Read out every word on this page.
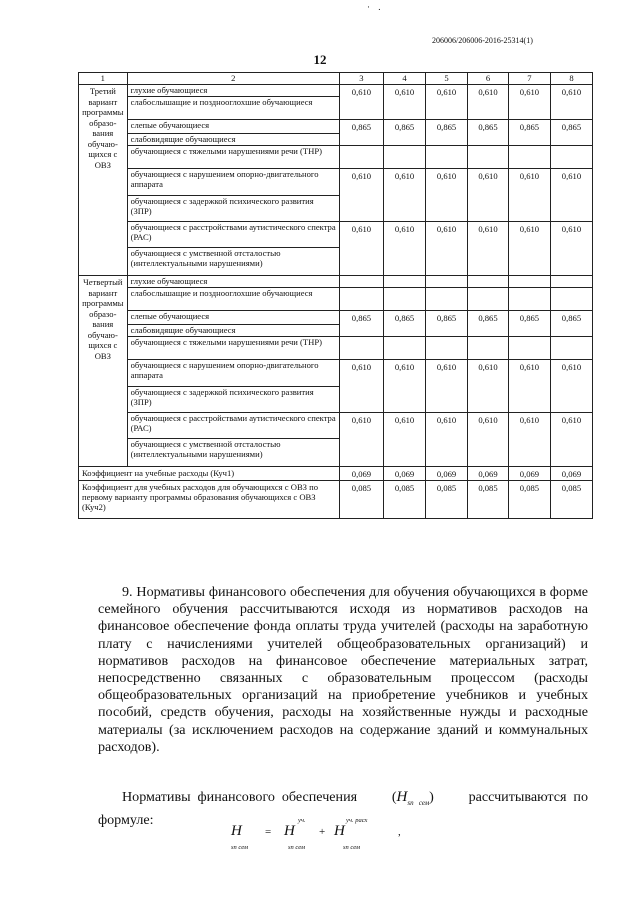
· .
206006/206006-2016-25314(1)
12
1	2	3	4	5	6	7	8
Третий вариант программы образо-вания обучаю-щихся с ОВЗ	глухие обучающиеся	0,610	0,610	0,610	0,610	0,610	0,610
	слабослышащие и позднооглохшие обучающиеся						
	слепые обучающиеся	0,865	0,865	0,865	0,865	0,865	0,865
	слабовидящие обучающиеся						
	обучающиеся с тяжелыми нарушениями речи (ТНР)						
	обучающиеся с нарушением опорно-двигательного аппарата	0,610	0,610	0,610	0,610	0,610	0,610
	обучающиеся с задержкой психического развития (ЗПР)						
	обучающиеся с расстройствами аутистического спектра (РАС)	0,610	0,610	0,610	0,610	0,610	0,610
	обучающиеся с умственной отсталостью (интеллектуальными нарушениями)						
Четвертый вариант программы образо-вания обучаю-щихся с ОВЗ	глухие обучающиеся						
	слабослышащие и позднооглохшие обучающиеся						
	слепые обучающиеся	0,865	0,865	0,865	0,865	0,865	0,865
	слабовидящие обучающиеся						
	обучающиеся с тяжелыми нарушениями речи (ТНР)						
	обучающиеся с нарушением опорно-двигательного аппарата	0,610	0,610	0,610	0,610	0,610	0,610
	обучающиеся с задержкой психического развития (ЗПР)						
	обучающиеся с расстройствами аутистического спектра (РАС)	0,610	0,610	0,610	0,610	0,610	0,610
	обучающиеся с умственной отсталостью (интеллектуальными нарушениями)						
Коэффициент на учебные расходы (Куч1)		0,069	0,069	0,069	0,069	0,069	0,069
Коэффициент для учебных расходов для обучающихся с ОВЗ по первому варианту программы образования обучающихся с ОВЗ (Куч2)		0,085	0,085	0,085	0,085	0,085	0,085
9. Нормативы финансового обеспечения для обучения обучающихся в форме семейного обучения рассчитываются исходя из нормативов расходов на финансовое обеспечение фонда оплаты труда учителей (расходы на заработную плату с начислениями учителей общеобразовательных организаций) и нормативов расходов на финансовое обеспечение материальных затрат, непосредственно связанных с образовательным процессом (расходы общеобразовательных организаций на приобретение учебников и учебных пособий, средств обучения, расходы на хозяйственные нужды и расходные материалы (за исключением расходов на содержание зданий и коммунальных расходов).
Нормативы финансового обеспечения $(H_{sn сем})$ рассчитываются по формуле:
H
sn сем
=
уч.
H
sn сем
+
уч. расх
H
sn сем
,
